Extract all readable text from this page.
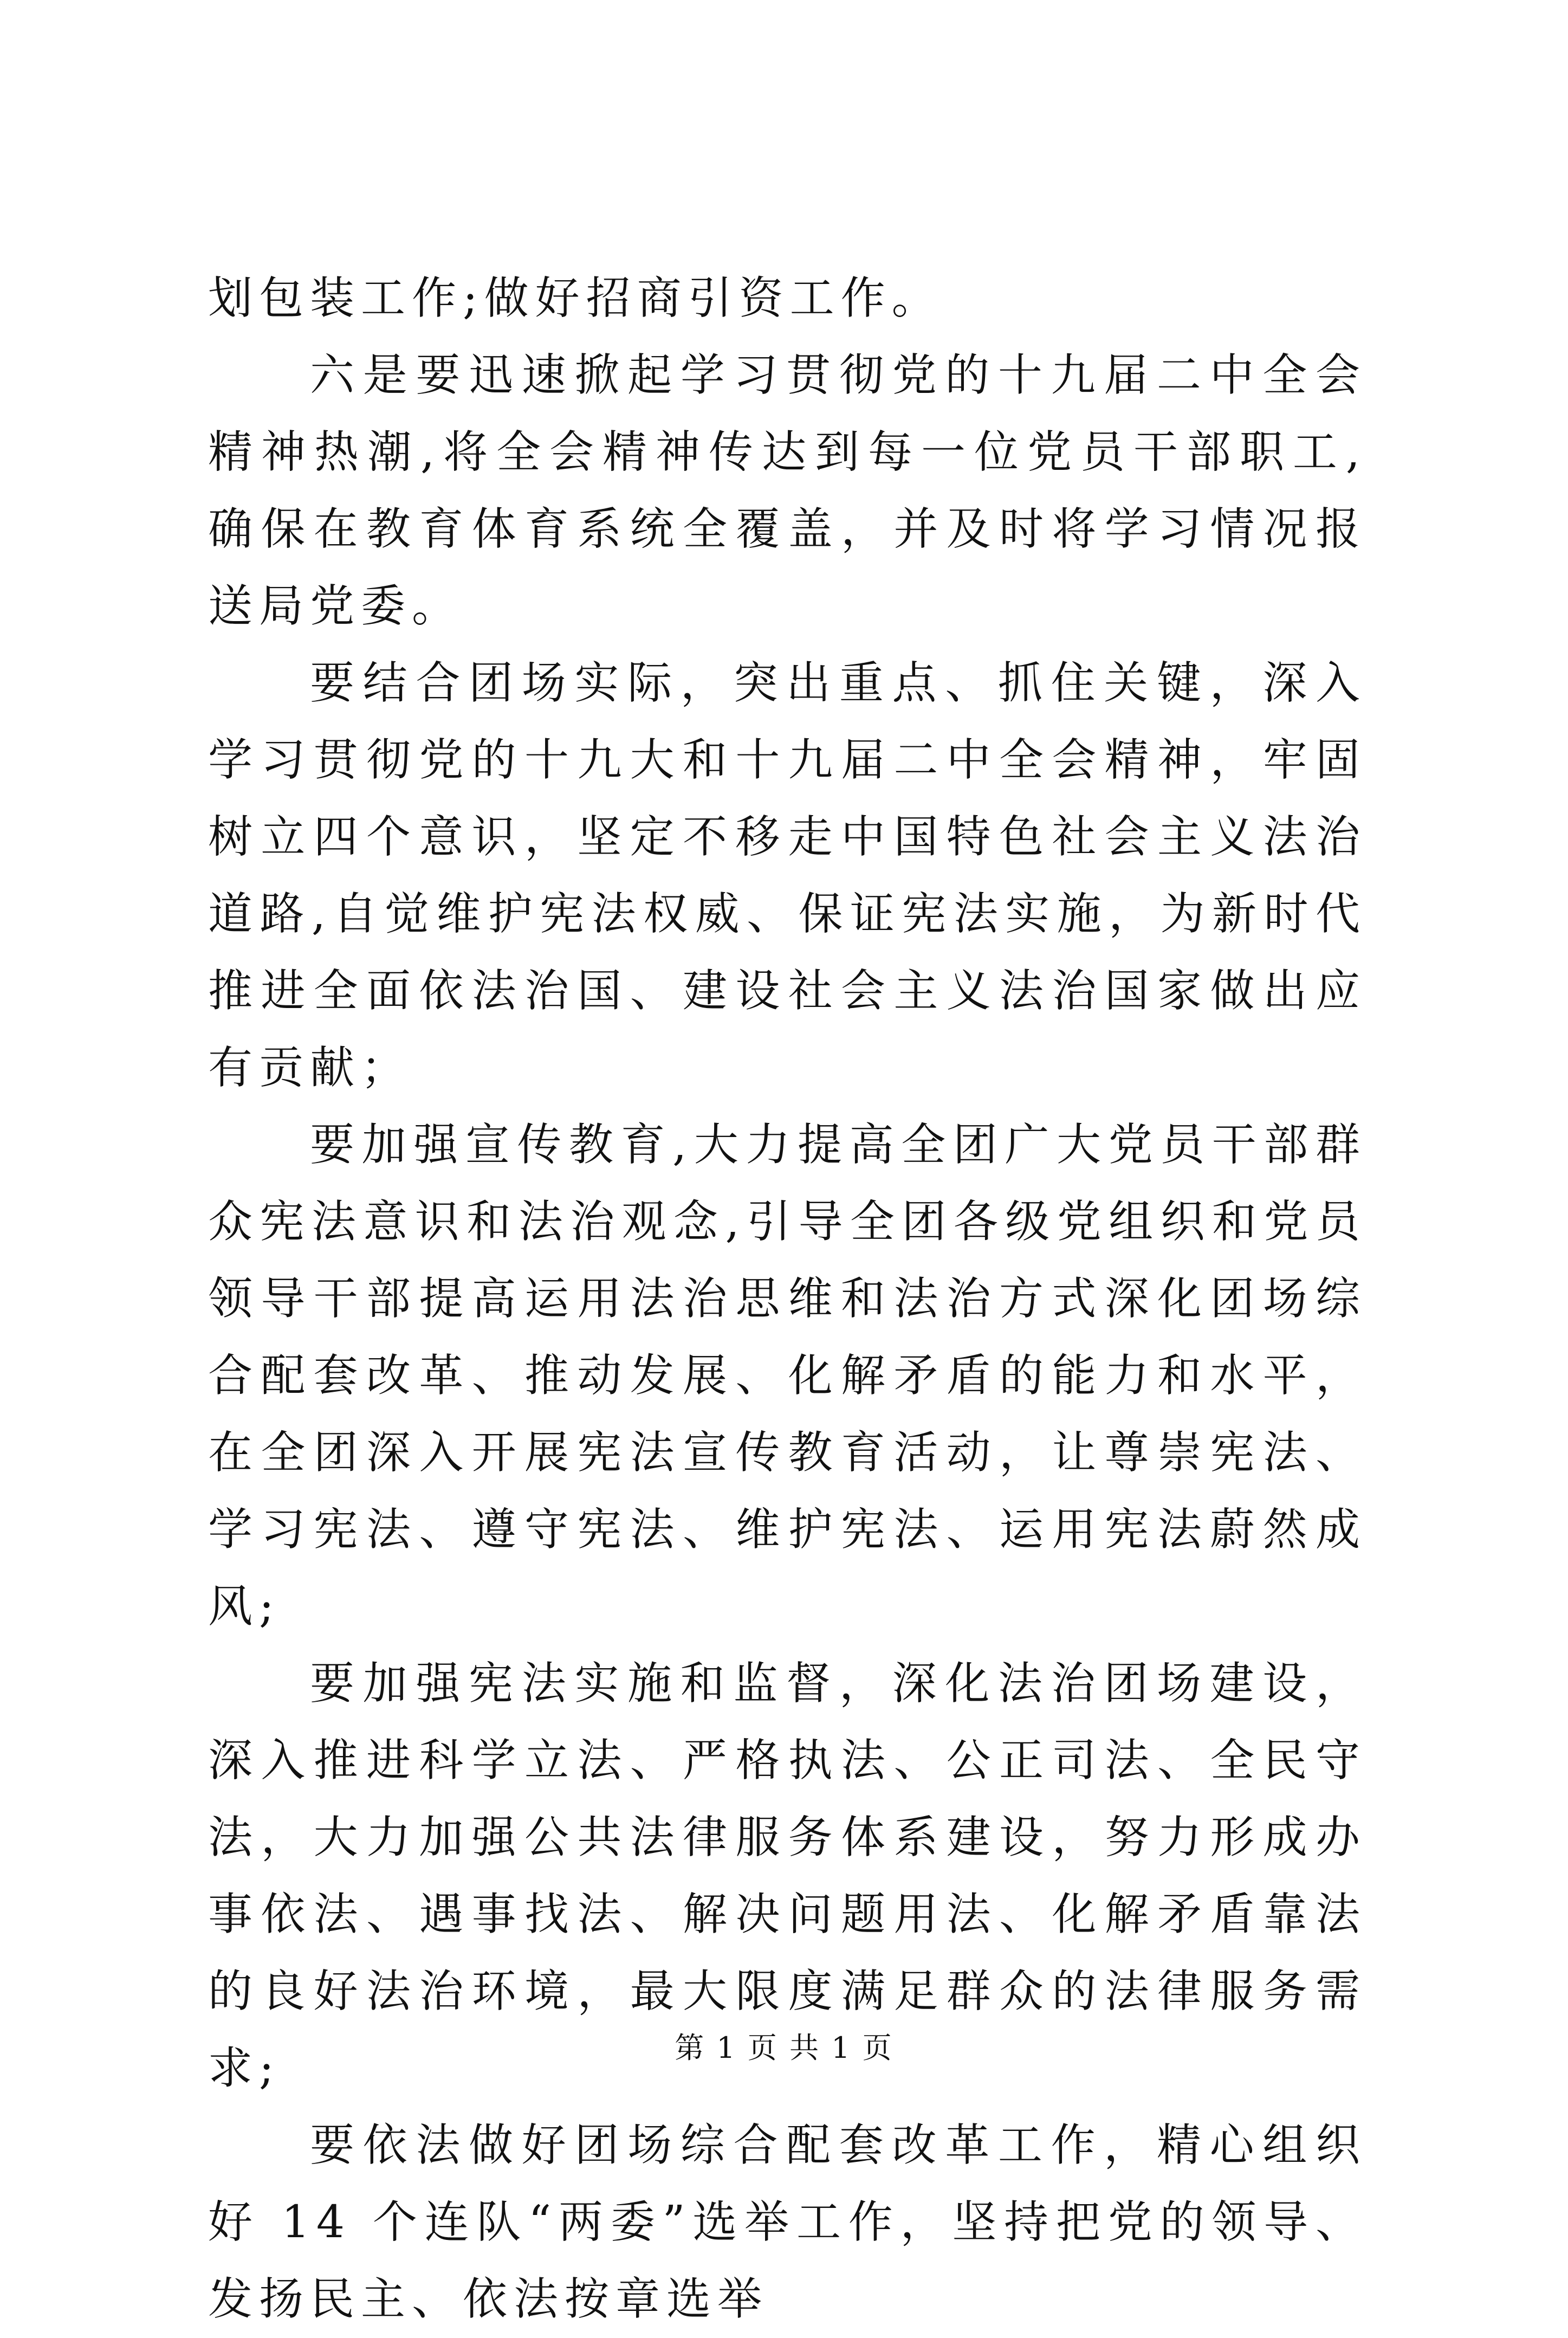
划包装工作;做好招商引资工作。

六是要迅速掀起学习贯彻党的十九届二中全会精神热潮,将全会精神传达到每一位党员干部职工,确保在教育体育系统全覆盖，并及时将学习情况报送局党委。

要结合团场实际，突出重点、抓住关键，深入学习贯彻党的十九大和十九届二中全会精神，牢固树立四个意识，坚定不移走中国特色社会主义法治道路,自觉维护宪法权威、保证宪法实施，为新时代推进全面依法治国、建设社会主义法治国家做出应有贡献；

要加强宣传教育,大力提高全团广大党员干部群众宪法意识和法治观念,引导全团各级党组织和党员领导干部提高运用法治思维和法治方式深化团场综合配套改革、推动发展、化解矛盾的能力和水平，在全团深入开展宪法宣传教育活动，让尊崇宪法、学习宪法、遵守宪法、维护宪法、运用宪法蔚然成风;

要加强宪法实施和监督，深化法治团场建设，深入推进科学立法、严格执法、公正司法、全民守法，大力加强公共法律服务体系建设，努力形成办事依法、遇事找法、解决问题用法、化解矛盾靠法的良好法治环境，最大限度满足群众的法律服务需求;

要依法做好团场综合配套改革工作，精心组织好 14 个连队“两委”选举工作，坚持把党的领导、发扬民主、依法按章选举

第 1 页 共 1 页
